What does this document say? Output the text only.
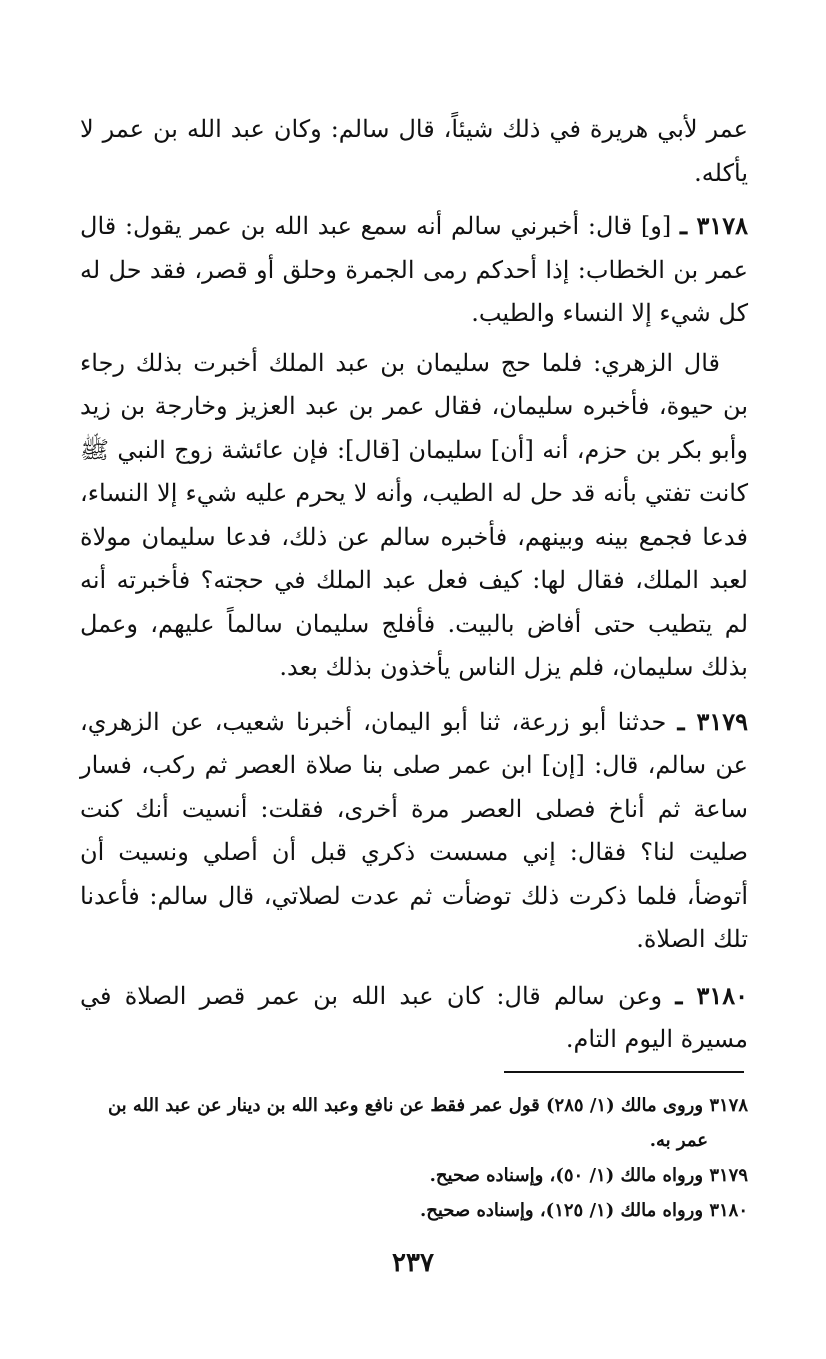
عمر لأبي هريرة في ذلك شيئاً، قال سالم: وكان عبد الله بن عمر لا يأكله.

٣١٧٨ ـ [و] قال: أخبرني سالم أنه سمع عبد الله بن عمر يقول: قال عمر بن الخطاب: إذا أحدكم رمى الجمرة وحلق أو قصر، فقد حل له كل شيء إلا النساء والطيب.

قال الزهري: فلما حج سليمان بن عبد الملك أخبرت بذلك رجاء بن حيوة، فأخبره سليمان، فقال عمر بن عبد العزيز وخارجة بن زيد وأبو بكر بن حزم، أنه [أن] سليمان [قال]: فإن عائشة زوج النبي ﷺ كانت تفتي بأنه قد حل له الطيب، وأنه لا يحرم عليه شيء إلا النساء، فدعا فجمع بينه وبينهم، فأخبره سالم عن ذلك، فدعا سليمان مولاة لعبد الملك، فقال لها: كيف فعل عبد الملك في حجته؟ فأخبرته أنه لم يتطيب حتى أفاض بالبيت. فأفلج سليمان سالماً عليهم، وعمل بذلك سليمان، فلم يزل الناس يأخذون بذلك بعد.

٣١٧٩ ـ حدثنا أبو زرعة، ثنا أبو اليمان، أخبرنا شعيب، عن الزهري، عن سالم، قال: [إن] ابن عمر صلى بنا صلاة العصر ثم ركب، فسار ساعة ثم أناخ فصلى العصر مرة أخرى، فقلت: أنسيت أنك كنت صليت لنا؟ فقال: إني مسست ذكري قبل أن أصلي ونسيت أن أتوضأ، فلما ذكرت ذلك توضأت ثم عدت لصلاتي، قال سالم: فأعدنا تلك الصلاة.

٣١٨٠ ـ وعن سالم قال: كان عبد الله بن عمر قصر الصلاة في مسيرة اليوم التام.

٣١٧٨ وروى مالك (١/ ٢٨٥) قول عمر فقط عن نافع وعبد الله بن دينار عن عبد الله بن
عمر به.

٣١٧٩ ورواه مالك (١/ ٥٠)، وإسناده صحيح.

٣١٨٠ ورواه مالك (١/ ١٢٥)، وإسناده صحيح.

٢٣٧
